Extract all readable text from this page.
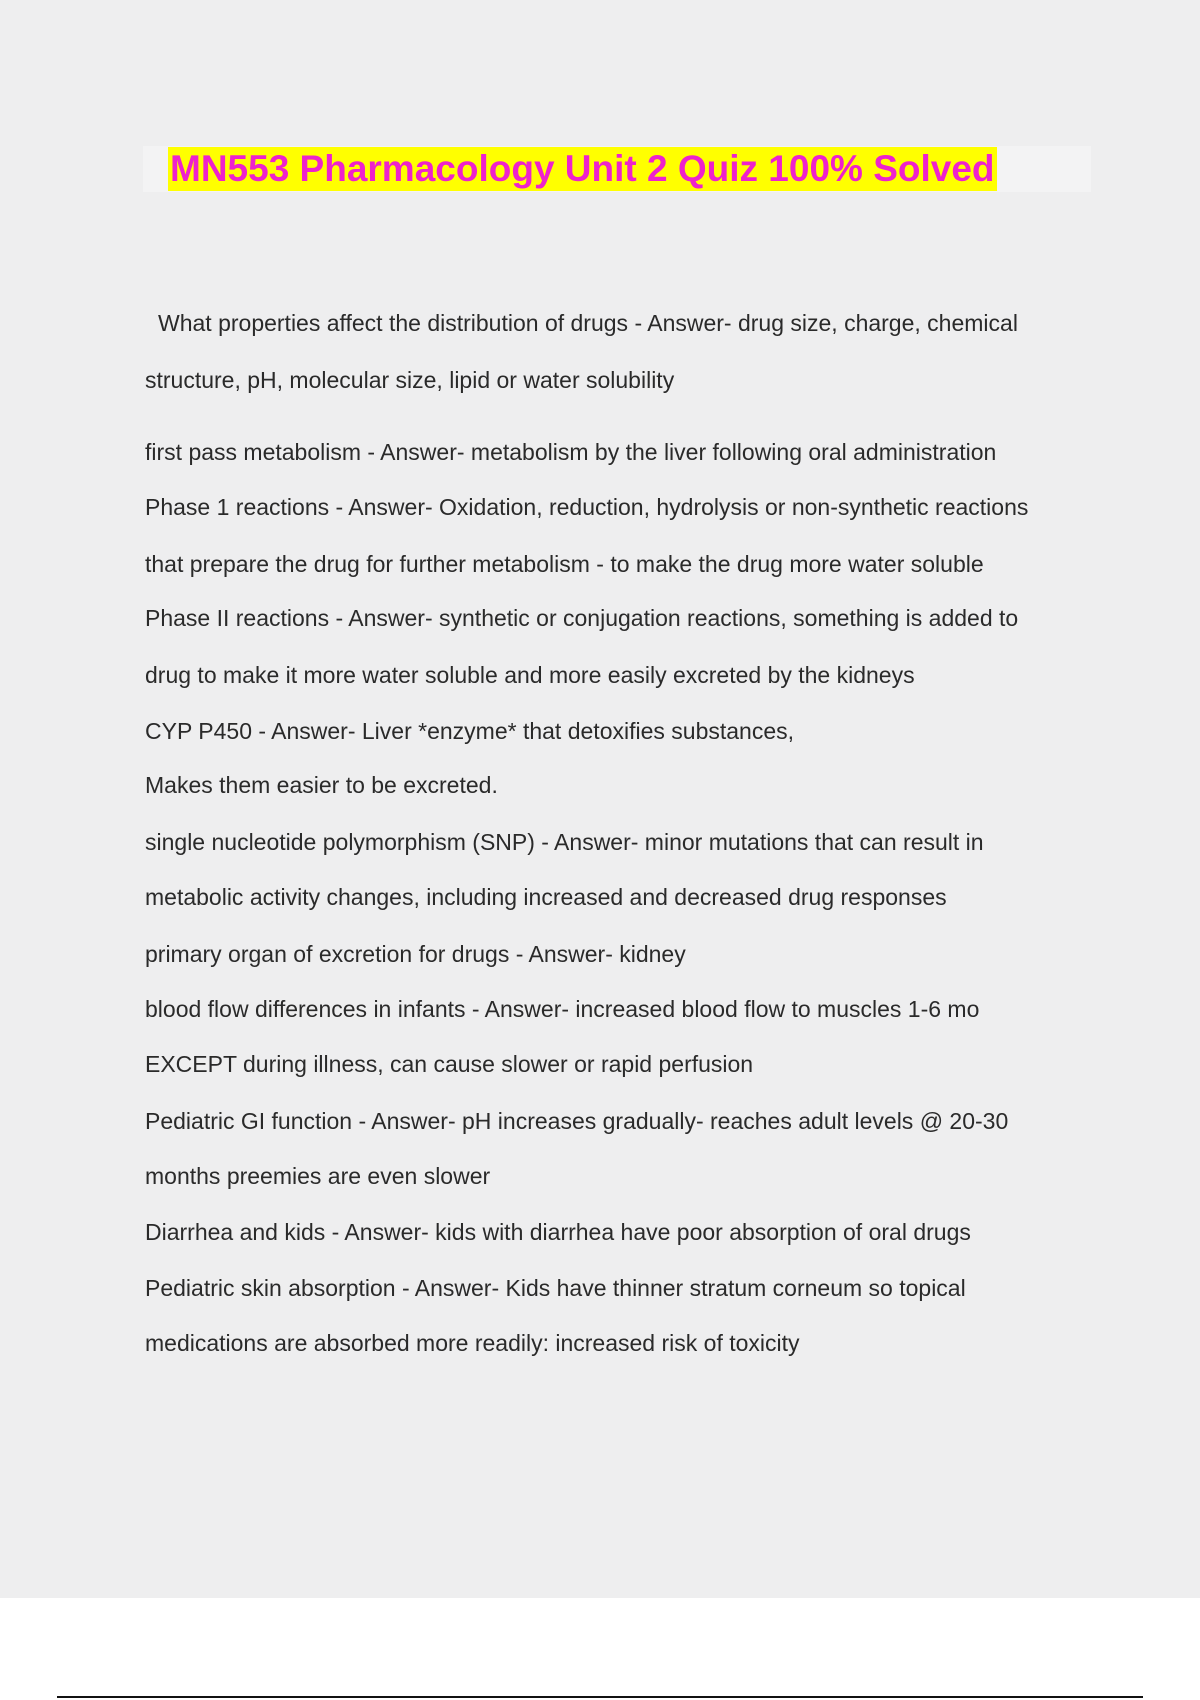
MN553 Pharmacology Unit 2 Quiz 100% Solved
What properties affect the distribution of drugs - Answer- drug size, charge, chemical
structure, pH, molecular size, lipid or water solubility
first pass metabolism - Answer- metabolism by the liver following oral administration
Phase 1 reactions - Answer- Oxidation, reduction, hydrolysis or non-synthetic reactions
that prepare the drug for further metabolism - to make the drug more water soluble
Phase II reactions - Answer- synthetic or conjugation reactions, something is added to
drug to make it more water soluble and more easily excreted by the kidneys
CYP P450 - Answer- Liver *enzyme* that detoxifies substances,
Makes them easier to be excreted.
single nucleotide polymorphism (SNP) - Answer- minor mutations that can result in
metabolic activity changes, including increased and decreased drug responses
primary organ of excretion for drugs - Answer- kidney
blood flow differences in infants - Answer- increased blood flow to muscles 1-6 mo
EXCEPT during illness, can cause slower or rapid perfusion
Pediatric GI function - Answer- pH increases gradually- reaches adult levels @ 20-30
months preemies are even slower
Diarrhea and kids - Answer- kids with diarrhea have poor absorption of oral drugs
Pediatric skin absorption - Answer- Kids have thinner stratum corneum so topical
medications are absorbed more readily: increased risk of toxicity
